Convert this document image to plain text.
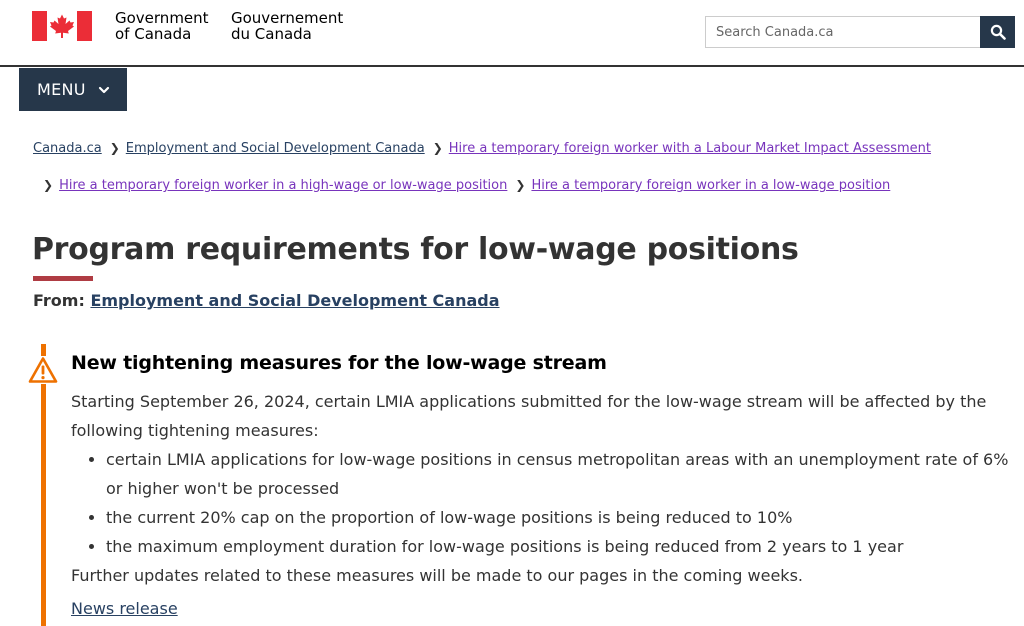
Government
of Canada
Gouvernement
du Canada
Search Canada.ca
MENU
Canada.ca ❯ Employment and Social Development Canada ❯ Hire a temporary foreign worker with a Labour Market Impact Assessment
❯ Hire a temporary foreign worker in a high-wage or low-wage position ❯ Hire a temporary foreign worker in a low-wage position
Program requirements for low-wage positions
From: Employment and Social Development Canada
New tightening measures for the low-wage stream

Starting September 26, 2024, certain LMIA applications submitted for the low-wage stream will be affected by the following tightening measures:

• certain LMIA applications for low-wage positions in census metropolitan areas with an unemployment rate of 6% or higher won't be processed
• the current 20% cap on the proportion of low-wage positions is being reduced to 10%
• the maximum employment duration for low-wage positions is being reduced from 2 years to 1 year

Further updates related to these measures will be made to our pages in the coming weeks.

News release
